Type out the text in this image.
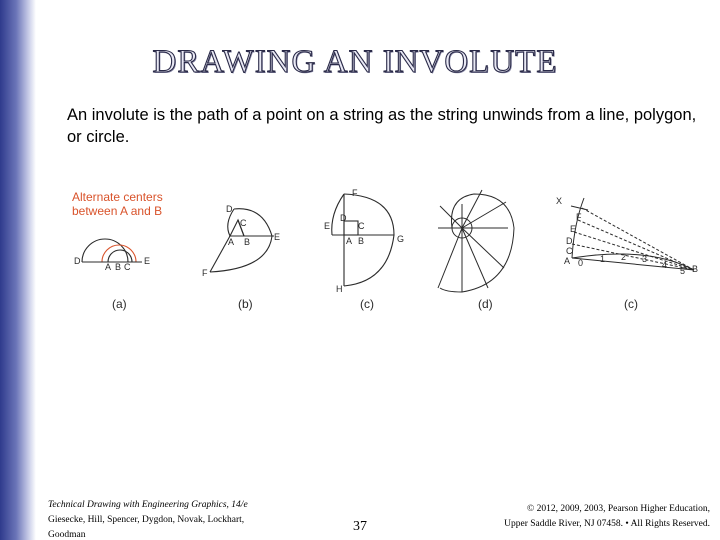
DRAWING AN INVOLUTE
An involute is the path of a point on a string as the string unwinds from a line, polygon, or circle.
Alternate centers
between A and B
D
A B C
E
(a)
D
C
A B	E
F
(b)
F
D
C
E
A B	G
H
(c)	(d)
X
F
E
D
C
A 0 1 2 3
4
5 B
(c)
Technical Drawing with Engineering Graphics, 14/e
Giesecke, Hill, Spencer, Dygdon, Novak, Lockhart, Goodman
37
© 2012, 2009, 2003, Pearson Higher Education,
Upper Saddle River, NJ 07458. • All Rights Reserved.
